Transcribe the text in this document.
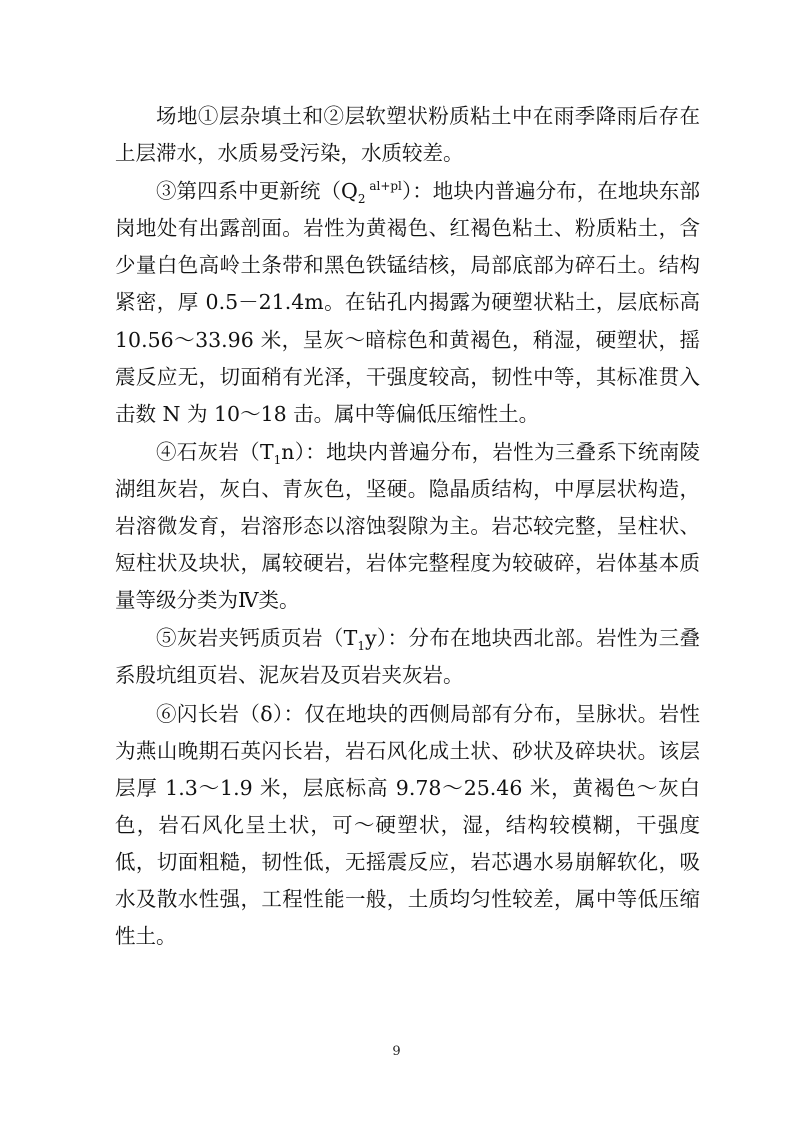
场地①层杂填土和②层软塑状粉质粘土中在雨季降雨后存在上层滞水，水质易受污染，水质较差。

③第四系中更新统（$Q_2$ $^{al+pl}$）：地块内普遍分布，在地块东部岗地处有出露剖面。岩性为黄褐色、红褐色粘土、粉质粘土，含少量白色高岭土条带和黑色铁锰结核，局部底部为碎石土。结构紧密，厚 0.5－21.4m。在钻孔内揭露为硬塑状粘土，层底标高 10.56～33.96 米，呈灰～暗棕色和黄褐色，稍湿，硬塑状，摇震反应无，切面稍有光泽，干强度较高，韧性中等，其标准贯入击数 N 为 10～18 击。属中等偏低压缩性土。

④石灰岩$(T_1n)$：地块内普遍分布，岩性为三叠系下统南陵湖组灰岩，灰白、青灰色，坚硬。隐晶质结构，中厚层状构造，岩溶微发育，岩溶形态以溶蚀裂隙为主。岩芯较完整，呈柱状、短柱状及块状，属较硬岩，岩体完整程度为较破碎，岩体基本质量等级分类为Ⅳ类。

⑤灰岩夹钙质页岩$(T_1y)$：分布在地块西北部。岩性为三叠系殷坑组页岩、泥灰岩及页岩夹灰岩。

⑥闪长岩（δ）：仅在地块的西侧局部有分布，呈脉状。岩性为燕山晚期石英闪长岩，岩石风化成土状、砂状及碎块状。该层层厚 1.3～1.9 米，层底标高 9.78～25.46 米，黄褐色～灰白色，岩石风化呈土状，可～硬塑状，湿，结构较模糊，干强度低，切面粗糙，韧性低，无摇震反应，岩芯遇水易崩解软化，吸水及散水性强，工程性能一般，土质均匀性较差，属中等低压缩性土。

9
